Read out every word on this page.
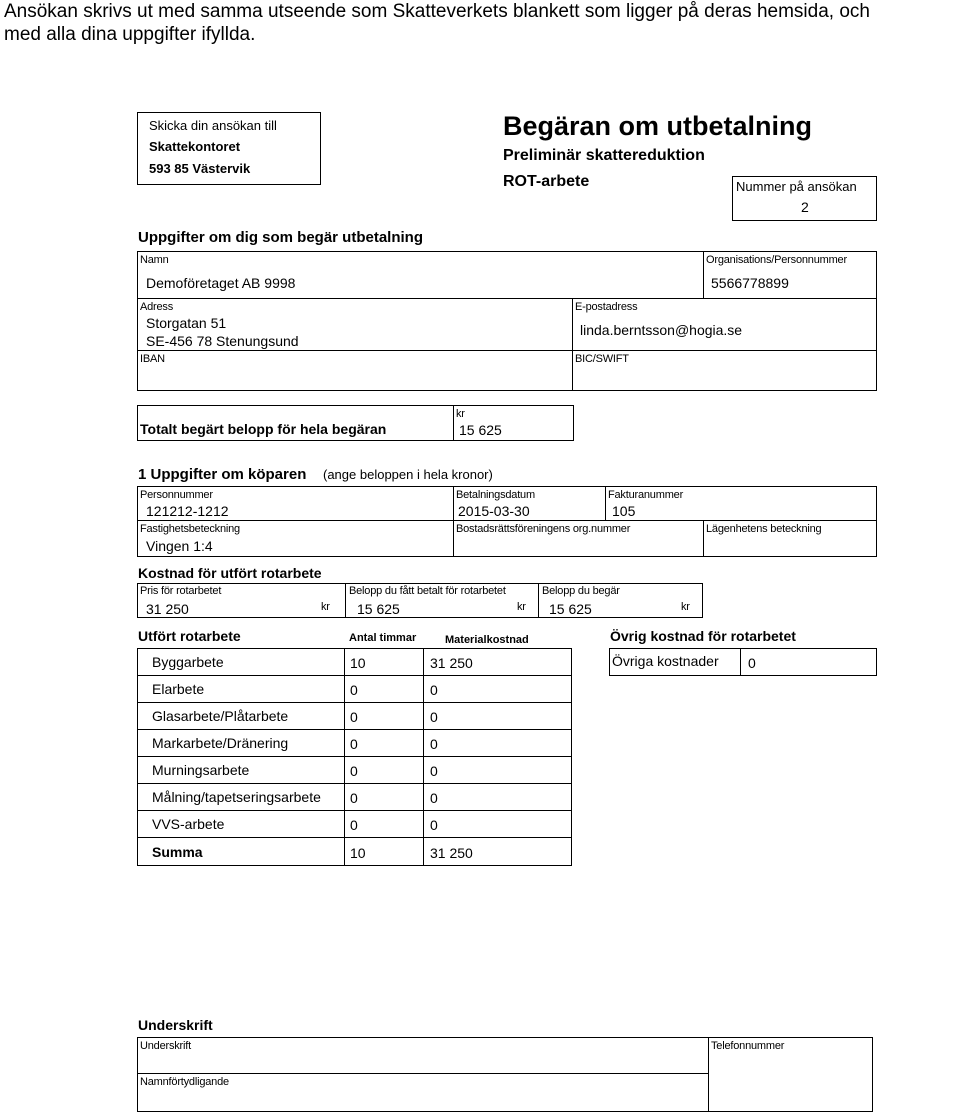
Ansökan skrivs ut med samma utseende som Skatteverkets blankett som ligger på deras hemsida, och
med alla dina uppgifter ifyllda.
Skicka din ansökan till
Skattekontoret
593 85 Västervik
Begäran om utbetalning
Preliminär skattereduktion
ROT-arbete	Nummer på ansökan
2
Uppgifter om dig som begär utbetalning
Namn
Demoföretaget AB 9998
Organisations/Personnummer
5566778899
Adress
Storgatan 51
SE-456 78 Stenungsund
E-postadress
linda.berntsson@hogia.se
IBAN	BIC/SWIFT
Totalt begärt belopp för hela begäran
kr
15 625
1 Uppgifter om köparen (ange beloppen i hela kronor)
Personnummer
121212-1212
Betalningsdatum
2015-03-30
Fakturanummer
105
Fastighetsbeteckning
Vingen 1:4
Bostadsrättsföreningens org.nummer	Lägenhetens beteckning
Kostnad för utfört rotarbete
Pris för rotarbetet
31 250	kr
Belopp du fått betalt för rotarbetet
15 625	kr
Belopp du begär
15 625	kr
Utfört rotarbete	Antal timmar	Materialkostnad	Övrig kostnad för rotarbetet
Byggarbete	10	31 250
Elarbete	0	0
Glasarbete/Plåtarbete	0	0
Markarbete/Dränering	0	0
Murningsarbete	0	0
Målning/tapetseringsarbete 0	0
VVS-arbete	0	0
Summa	10	31 250
Övriga kostnader 0
Underskrift
Underskrift	Telefonnummer
Namnförtydligande
